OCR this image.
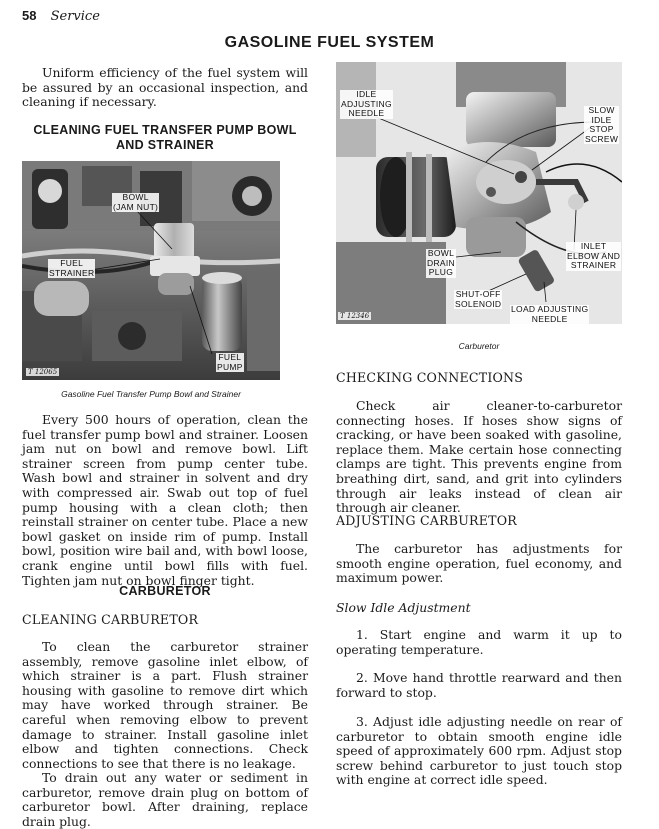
58 Service
GASOLINE FUEL SYSTEM

Uniform efficiency of the fuel system will be assured by an occasional inspection, and cleaning if necessary.

CLEANING FUEL TRANSFER PUMP BOWL AND STRAINER
BOWL
(JAM NUT)
FUEL
STRAINER
FUEL
PUMP
T 12065
Gasoline Fuel Transfer Pump Bowl and Strainer

Every 500 hours of operation, clean the fuel transfer pump bowl and strainer. Loosen jam nut on bowl and remove bowl. Lift strainer screen from pump center tube. Wash bowl and strainer in solvent and dry with compressed air. Swab out top of fuel pump housing with a clean cloth; then reinstall strainer on center tube. Place a new bowl gasket on inside rim of pump. Install bowl, position wire bail and, with bowl loose, crank engine until bowl fills with fuel. Tighten jam nut on bowl finger tight.

CARBURETOR
CLEANING CARBURETOR

To clean the carburetor strainer assembly, remove gasoline inlet elbow, of which strainer is a part. Flush strainer housing with gasoline to remove dirt which may have worked through strainer. Be careful when removing elbow to prevent damage to strainer. Install gasoline inlet elbow and tighten connections. Check connections to see that there is no leakage.

To drain out any water or sediment in carburetor, remove drain plug on bottom of carburetor bowl. After draining, replace drain plug.

IDLE
ADJUSTING
NEEDLE	SLOW
IDLE
STOP
SCREW
INLET
ELBOW AND
STRAINER
BOWL
DRAIN
PLUG
SHUT-OFF
SOLENOID
LOAD ADJUSTING
NEEDLE
T 12346
Carburetor
CHECKING CONNECTIONS

Check air cleaner-to-carburetor connecting hoses. If hoses show signs of cracking, or have been soaked with gasoline, replace them. Make certain hose connecting clamps are tight. This prevents engine from breathing dirt, sand, and grit into cylinders through air leaks instead of clean air through air cleaner.

ADJUSTING CARBURETOR

The carburetor has adjustments for smooth engine operation, fuel economy, and maximum power.

Slow Idle Adjustment

1. Start engine and warm it up to operating temperature.

2. Move hand throttle rearward and then forward to stop.

3. Adjust idle adjusting needle on rear of carburetor to obtain smooth engine idle speed of approximately 600 rpm. Adjust stop screw behind carburetor to just touch stop with engine at correct idle speed.
